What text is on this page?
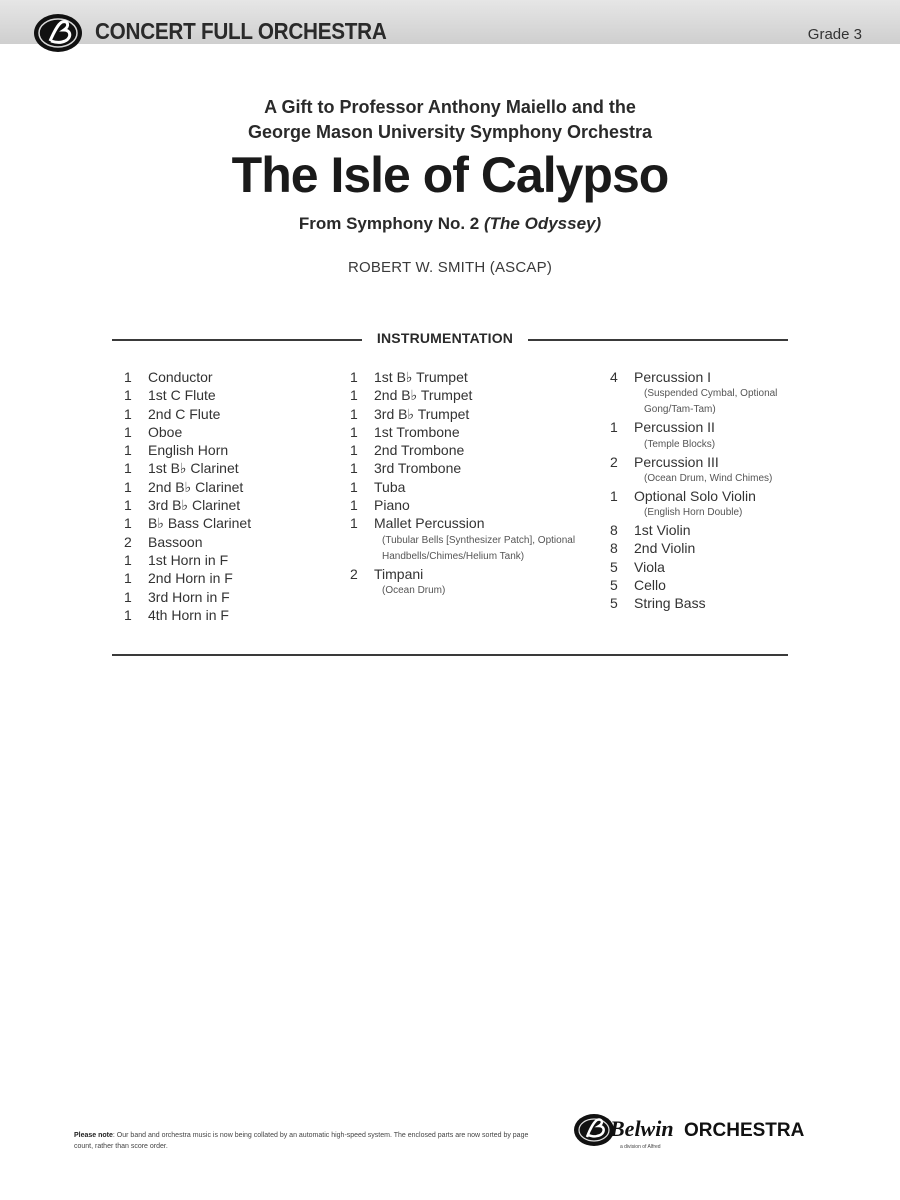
CONCERT FULL ORCHESTRA	Grade 3
A Gift to Professor Anthony Maiello and the
George Mason University Symphony Orchestra
The Isle of Calypso
From Symphony No. 2 (The Odyssey)
ROBERT W. SMITH (ASCAP)
INSTRUMENTATION
1	Conductor
1	1st C Flute
1	2nd C Flute
1	Oboe
1	English Horn
1	1st B♭ Clarinet
1	2nd B♭ Clarinet
1	3rd B♭ Clarinet
1	B♭ Bass Clarinet
2	Bassoon
1	1st Horn in F
1	2nd Horn in F
1	3rd Horn in F
1	4th Horn in F
1	1st B♭ Trumpet
1	2nd B♭ Trumpet
1	3rd B♭ Trumpet
1	1st Trombone
1	2nd Trombone
1	3rd Trombone
1	Tuba
1	Piano
1	Mallet Percussion
(Tubular Bells [Synthesizer Patch], Optional Handbells/Chimes/Helium Tank)
2	Timpani
(Ocean Drum)
4	Percussion I
(Suspended Cymbal, Optional Gong/Tam-Tam)
1	Percussion II
(Temple Blocks)
2	Percussion III
(Ocean Drum, Wind Chimes)
1	Optional Solo Violin
(English Horn Double)
8	1st Violin
8	2nd Violin
5	Viola
5	Cello
5	String Bass
Please note: Our band and orchestra music is now being collated by an automatic high-speed system. The enclosed parts are now sorted by page count, rather than score order.
Belwin ORCHESTRA
a division of Alfred
